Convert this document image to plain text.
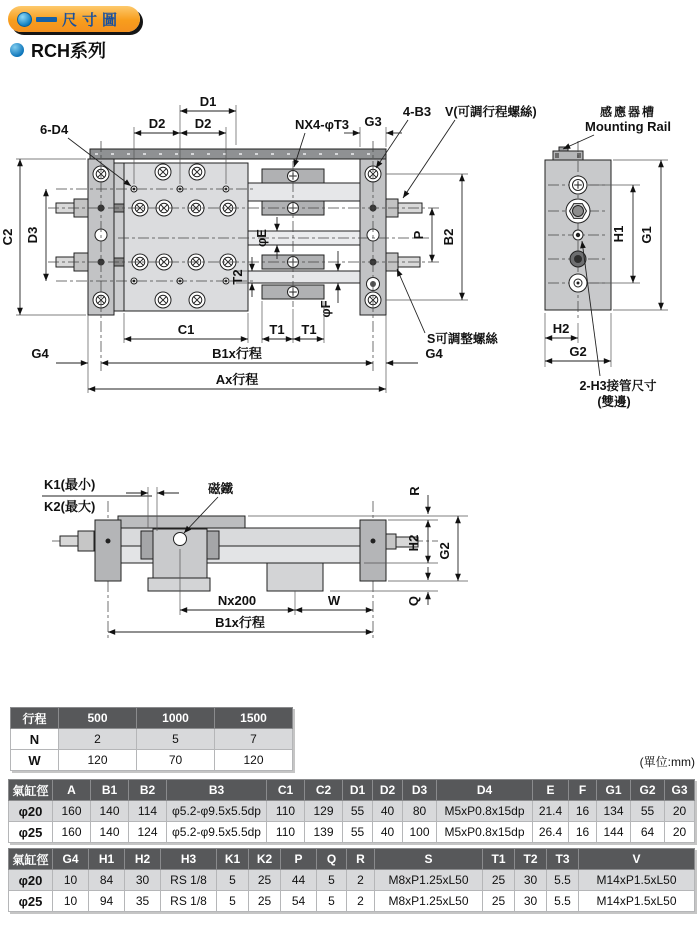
尺寸圖
RCH系列
D1
D2 D2
6-D4	NX4-φT3 G3
4-B3 V(可調行程螺絲)
C2 D3	φE
T2
φF
P B2
C1	T1 T1
S可調整螺絲
G4	G4
B1x行程
Ax行程
感應器槽
Mounting Rail
H1 G1
H2
G2
2-H3接管尺寸
(雙邊)
K1(最小)
K2(最大)
磁鐵	R
H2 G2
Q
Nx200	W
B1x行程
行程	500	1000	1500
N	2	5	7
W	120	70	120	(單位:mm)
氣缸徑	A	B1	B2	B3	C1	C2	D1	D2	D3	D4	E	F	G1	G2	G3
φ20	160	140	114	φ5.2-φ9.5x5.5dp	110	129	55	40	80	M5xP0.8x15dp	21.4	16	134	55	20
φ25	160	140	124	φ5.2-φ9.5x5.5dp	110	139	55	40	100	M5xP0.8x15dp	26.4	16	144	64	20
氣缸徑	G4	H1	H2	H3	K1	K2	P	Q	R	S	T1	T2	T3	V
φ20	10	84	30	RS 1/8	5	25	44	5	2	M8xP1.25xL50	25	30	5.5	M14xP1.5xL50
φ25	10	94	35	RS 1/8	5	25	54	5	2	M8xP1.25xL50	25	30	5.5	M14xP1.5xL50
